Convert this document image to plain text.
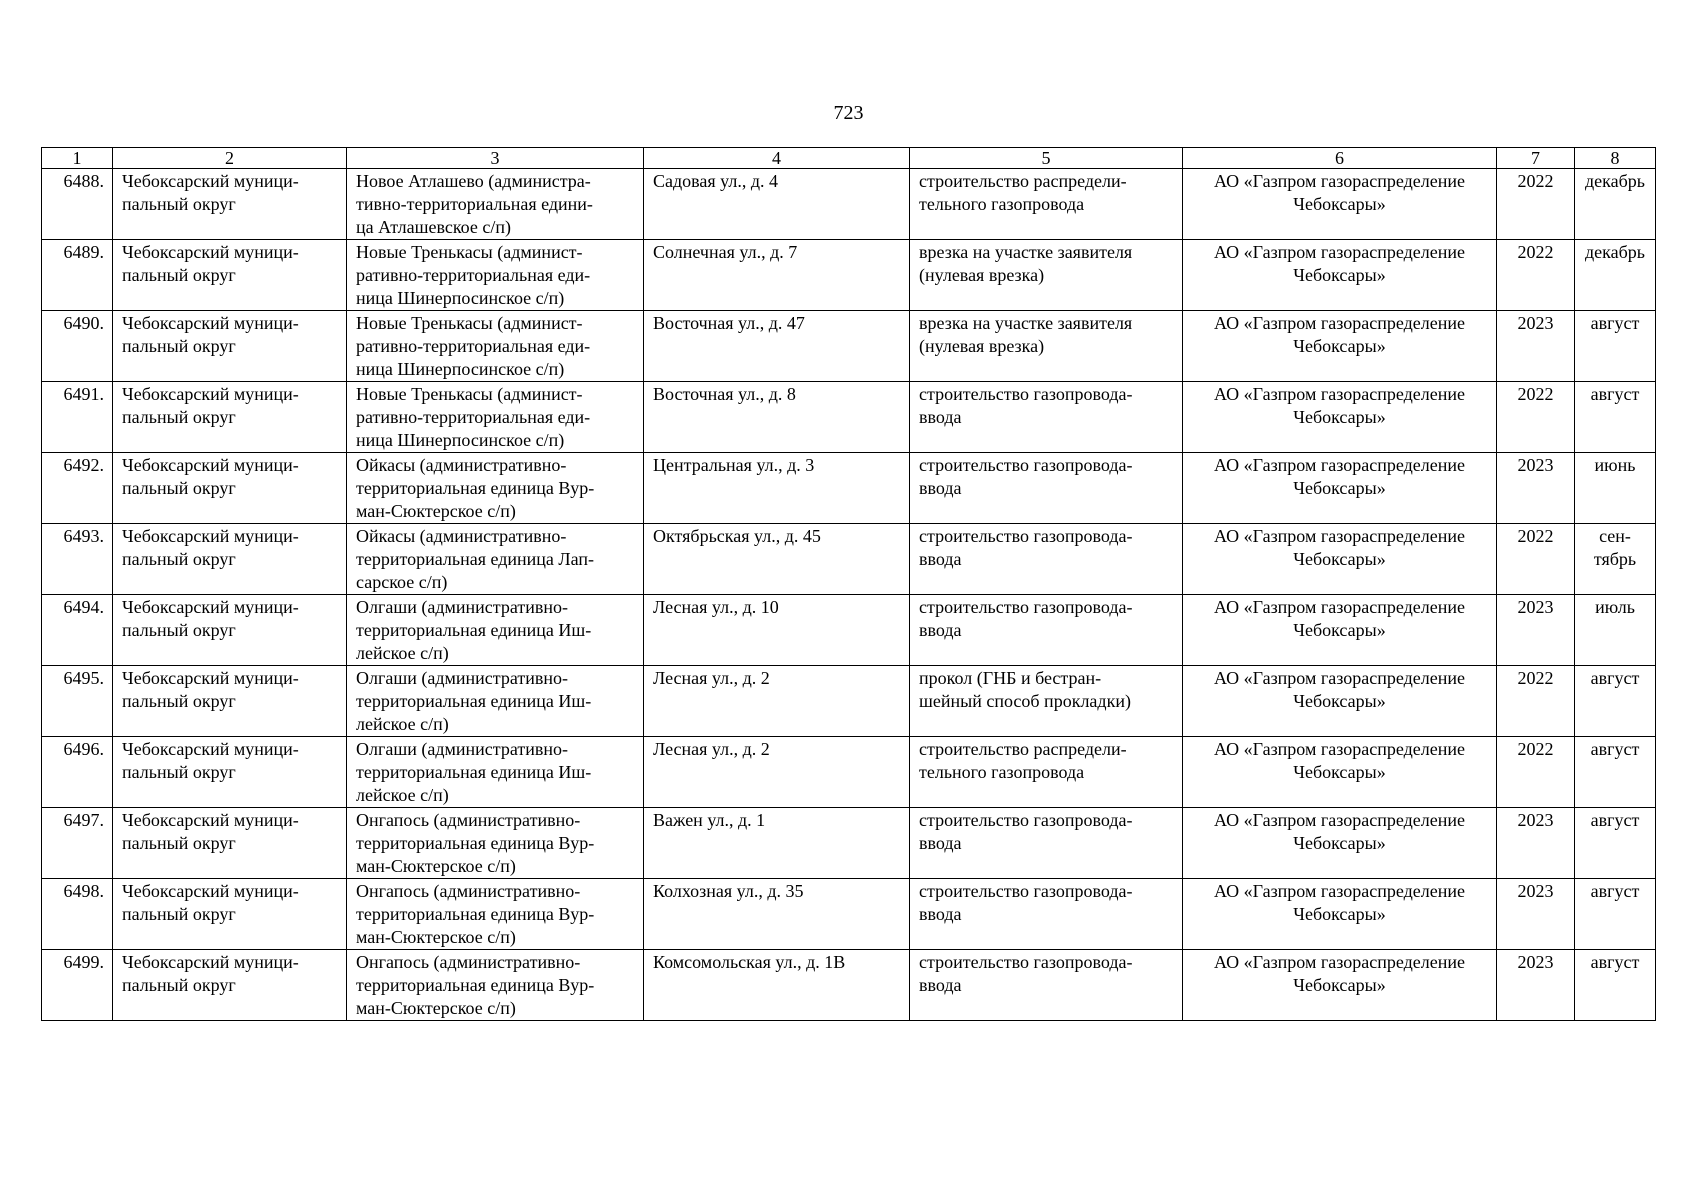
723
1	2	3	4	5	6	7	8
6488.	Чебоксарский муници-
пальный округ	Новое Атлашево (администра-
тивно-территориальная едини-
ца Атлашевское с/п)	Садовая ул., д. 4	строительство распредели-
тельного газопровода	АО «Газпром газораспределение
Чебоксары»	2022	декабрь
6489.	Чебоксарский муници-
пальный округ	Новые Тренькасы (админист-
ративно-территориальная еди-
ница Шинерпосинское с/п)	Солнечная ул., д. 7	врезка на участке заявителя
(нулевая врезка)	АО «Газпром газораспределение
Чебоксары»	2022	декабрь
6490.	Чебоксарский муници-
пальный округ	Новые Тренькасы (админист-
ративно-территориальная еди-
ница Шинерпосинское с/п)	Восточная ул., д. 47	врезка на участке заявителя
(нулевая врезка)	АО «Газпром газораспределение
Чебоксары»	2023	август
6491.	Чебоксарский муници-
пальный округ	Новые Тренькасы (админист-
ративно-территориальная еди-
ница Шинерпосинское с/п)	Восточная ул., д. 8	строительство газопровода-
ввода	АО «Газпром газораспределение
Чебоксары»	2022	август
6492.	Чебоксарский муници-
пальный округ	Ойкасы (административно-
территориальная единица Вур-
ман-Сюктерское с/п)	Центральная ул., д. 3	строительство газопровода-
ввода	АО «Газпром газораспределение
Чебоксары»	2023	июнь
6493.	Чебоксарский муници-
пальный округ	Ойкасы (административно-
территориальная единица Лап-
сарское с/п)	Октябрьская ул., д. 45	строительство газопровода-
ввода	АО «Газпром газораспределение
Чебоксары»	2022	сен-
тябрь
6494.	Чебоксарский муници-
пальный округ	Олгаши (административно-
территориальная единица Иш-
лейское с/п)	Лесная ул., д. 10	строительство газопровода-
ввода	АО «Газпром газораспределение
Чебоксары»	2023	июль
6495.	Чебоксарский муници-
пальный округ	Олгаши (административно-
территориальная единица Иш-
лейское с/п)	Лесная ул., д. 2	прокол (ГНБ и бестран-
шейный способ прокладки)	АО «Газпром газораспределение
Чебоксары»	2022	август
6496.	Чебоксарский муници-
пальный округ	Олгаши (административно-
территориальная единица Иш-
лейское с/п)	Лесная ул., д. 2	строительство распредели-
тельного газопровода	АО «Газпром газораспределение
Чебоксары»	2022	август
6497.	Чебоксарский муници-
пальный округ	Онгапось (административно-
территориальная единица Вур-
ман-Сюктерское с/п)	Важен ул., д. 1	строительство газопровода-
ввода	АО «Газпром газораспределение
Чебоксары»	2023	август
6498.	Чебоксарский муници-
пальный округ	Онгапось (административно-
территориальная единица Вур-
ман-Сюктерское с/п)	Колхозная ул., д. 35	строительство газопровода-
ввода	АО «Газпром газораспределение
Чебоксары»	2023	август
6499.	Чебоксарский муници-
пальный округ	Онгапось (административно-
территориальная единица Вур-
ман-Сюктерское с/п)	Комсомольская ул., д. 1В	строительство газопровода-
ввода	АО «Газпром газораспределение
Чебоксары»	2023	август
